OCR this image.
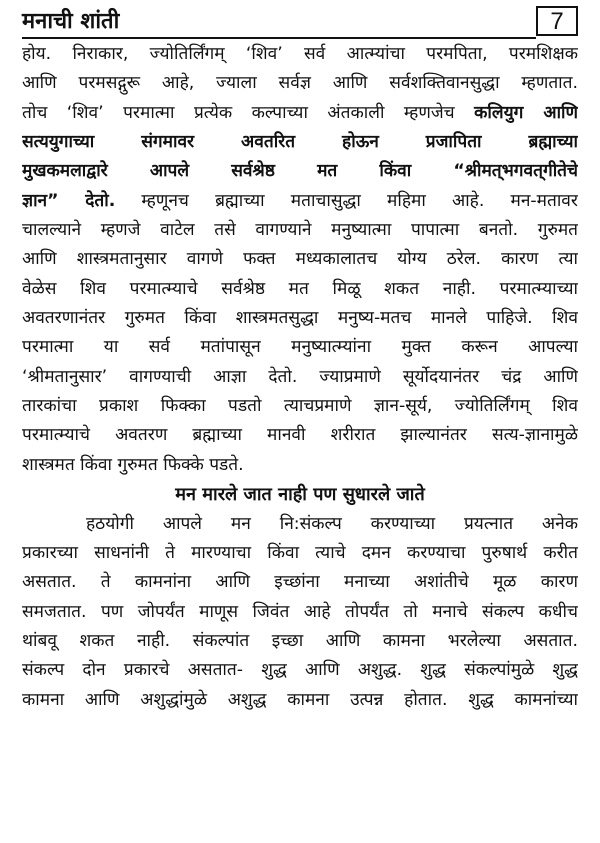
मनाची शांती	7
होय. निराकार, ज्योतिर्लिंगम् ‘शिव’ सर्व आत्म्यांचा परमपिता, परमशिक्षक
आणि परमसद्गुरू आहे, ज्याला सर्वज्ञ आणि सर्वशक्तिवानसुद्धा म्हणतात.
तोच ‘शिव’ परमात्मा प्रत्येक कल्पाच्या अंतकाली म्हणजेच कलियुग आणि
सत्ययुगाच्या संगमावर अवतरित होऊन प्रजापिता ब्रह्माच्या
मुखकमलाद्वारे आपले सर्वश्रेष्ठ मत किंवा “श्रीमत्‌भगवत्‌गीतेचे
ज्ञान” देतो. म्हणूनच ब्रह्माच्या मताचासुद्धा महिमा आहे. मन-मतावर
चालल्याने म्हणजे वाटेल तसे वागण्याने मनुष्यात्मा पापात्मा बनतो. गुरुमत
आणि शास्त्रमतानुसार वागणे फक्त मध्यकालातच योग्य ठरेल. कारण त्या
वेळेस शिव परमात्म्याचे सर्वश्रेष्ठ मत मिळू शकत नाही. परमात्म्याच्या
अवतरणानंतर गुरुमत किंवा शास्त्रमतसुद्धा मनुष्य-मतच मानले पाहिजे. शिव
परमात्मा या सर्व मतांपासून मनुष्यात्म्यांना मुक्त करून आपल्या
‘श्रीमतानुसार’ वागण्याची आज्ञा देतो. ज्याप्रमाणे सूर्योदयानंतर चंद्र आणि
तारकांचा प्रकाश फिक्का पडतो त्याचप्रमाणे ज्ञान-सूर्य, ज्योतिर्लिंगम् शिव
परमात्म्याचे अवतरण ब्रह्माच्या मानवी शरीरात झाल्यानंतर सत्य-ज्ञानामुळे
शास्त्रमत किंवा गुरुमत फिक्के पडते.
मन मारले जात नाही पण सुधारले जाते
हठयोगी आपले मन नि:संकल्प करण्याच्या प्रयत्नात अनेक
प्रकारच्या साधनांनी ते मारण्याचा किंवा त्याचे दमन करण्याचा पुरुषार्थ करीत
असतात. ते कामनांना आणि इच्छांना मनाच्या अशांतीचे मूळ कारण
समजतात. पण जोपर्यंत माणूस जिवंत आहे तोपर्यंत तो मनाचे संकल्प कधीच
थांबवू शकत नाही. संकल्पांत इच्छा आणि कामना भरलेल्या असतात.
संकल्प दोन प्रकारचे असतात- शुद्ध आणि अशुद्ध. शुद्ध संकल्पांमुळे शुद्ध
कामना आणि अशुद्धांमुळे अशुद्ध कामना उत्पन्न होतात. शुद्ध कामनांच्या
